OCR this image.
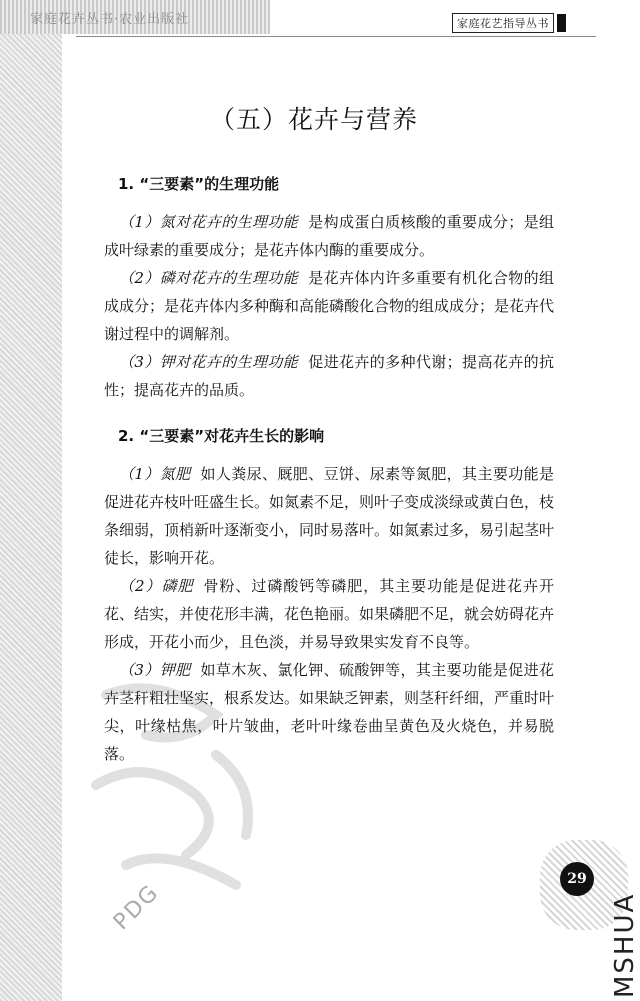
家庭花卉丛书·农业出版社	家庭花艺指导丛书
（五）花卉与营养
1. “三要素”的生理功能

（1）氮对花卉的生理功能 是构成蛋白质核酸的重要成分；是组成叶绿素的重要成分；是花卉体内酶的重要成分。

（2）磷对花卉的生理功能 是花卉体内许多重要有机化合物的组成成分；是花卉体内多种酶和高能磷酸化合物的组成成分；是花卉代谢过程中的调解剂。

（3）钾对花卉的生理功能 促进花卉的多种代谢；提高花卉的抗性；提高花卉的品质。

2. “三要素”对花卉生长的影响

（1）氮肥 如人粪尿、厩肥、豆饼、尿素等氮肥，其主要功能是促进花卉枝叶旺盛生长。如氮素不足，则叶子变成淡绿或黄白色，枝条细弱，顶梢新叶逐渐变小，同时易落叶。如氮素过多，易引起茎叶徒长，影响开花。

（2）磷肥 骨粉、过磷酸钙等磷肥，其主要功能是促进花卉开花、结实，并使花形丰满，花色艳丽。如果磷肥不足，就会妨碍花卉形成，开花小而少，且色淡，并易导致果实发育不良等。

（3）钾肥 如草木灰、氯化钾、硫酸钾等，其主要功能是促进花卉茎秆粗壮坚实，根系发达。如果缺乏钾素，则茎秆纤细，严重时叶尖，叶缘枯焦，叶片皱曲，老叶叶缘卷曲呈黄色及火烧色，并易脱落。

PDG
29
MSHUA
